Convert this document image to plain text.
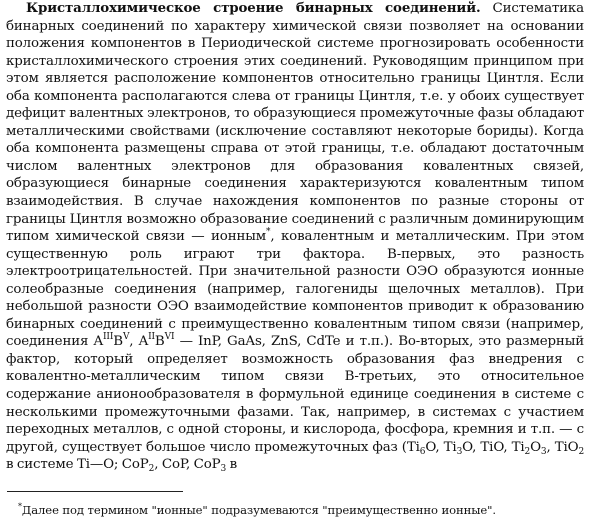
Кристаллохимическое строение бинарных соединений. Систематика бинарных соединений по характеру химической связи позволяет на основании положения компонентов в Периодической системе прогнозировать особенности кристаллохимического строения этих соединений. Руководящим принципом при этом является расположение компонентов относительно границы Цинтля. Если оба компонента располагаются слева от границы Цинтля, т.е. у обоих существует дефицит валентных электронов, то образующиеся промежуточные фазы обладают металлическими свойствами (исключение составляют некоторые бориды). Когда оба компонента размещены справа от этой границы, т.е. обладают достаточным числом валентных электронов для образования ковалентных связей, образующиеся бинарные соединения характеризуются ковалентным типом взаимодействия. В случае нахождения компонентов по разные стороны от границы Цинтля возможно образование соединений с различным доминирующим типом химической связи — ионным*, ковалентным и металлическим. При этом существенную роль играют три фактора. В-первых, это разность электроотрицательностей. При значительной разности ОЭО образуются ионные солеобразные соединения (например, галогениды щелочных металлов). При небольшой разности ОЭО взаимодействие компонентов приводит к образованию бинарных соединений с преимущественно ковалентным типом связи (например, соединения $A^{III}B^V$, $A^{II}B^{VI}$ — InP, GaAs, ZnS, CdTe и т.п.). Во-вторых, это размерный фактор, который определяет возможность образования фаз внедрения с ковалентно-металлическим типом связи В-третьих, это относительное содержание анионообразователя в формульной единице соединения в системе с несколькими промежуточными фазами. Так, например, в системах с участием переходных металлов, с одной стороны, и кислорода, фосфора, кремния и т.п. — с другой, существует большое число промежуточных фаз ($Ti_6O$, $Ti_3O$, TiO, $Ti_2O_3$, TiO$_2$ в системе Ti—O; CoP$_2$, CoP, CoP$_3$ в

*Далее под термином "ионные" подразумеваются "преимущественно ионные".
